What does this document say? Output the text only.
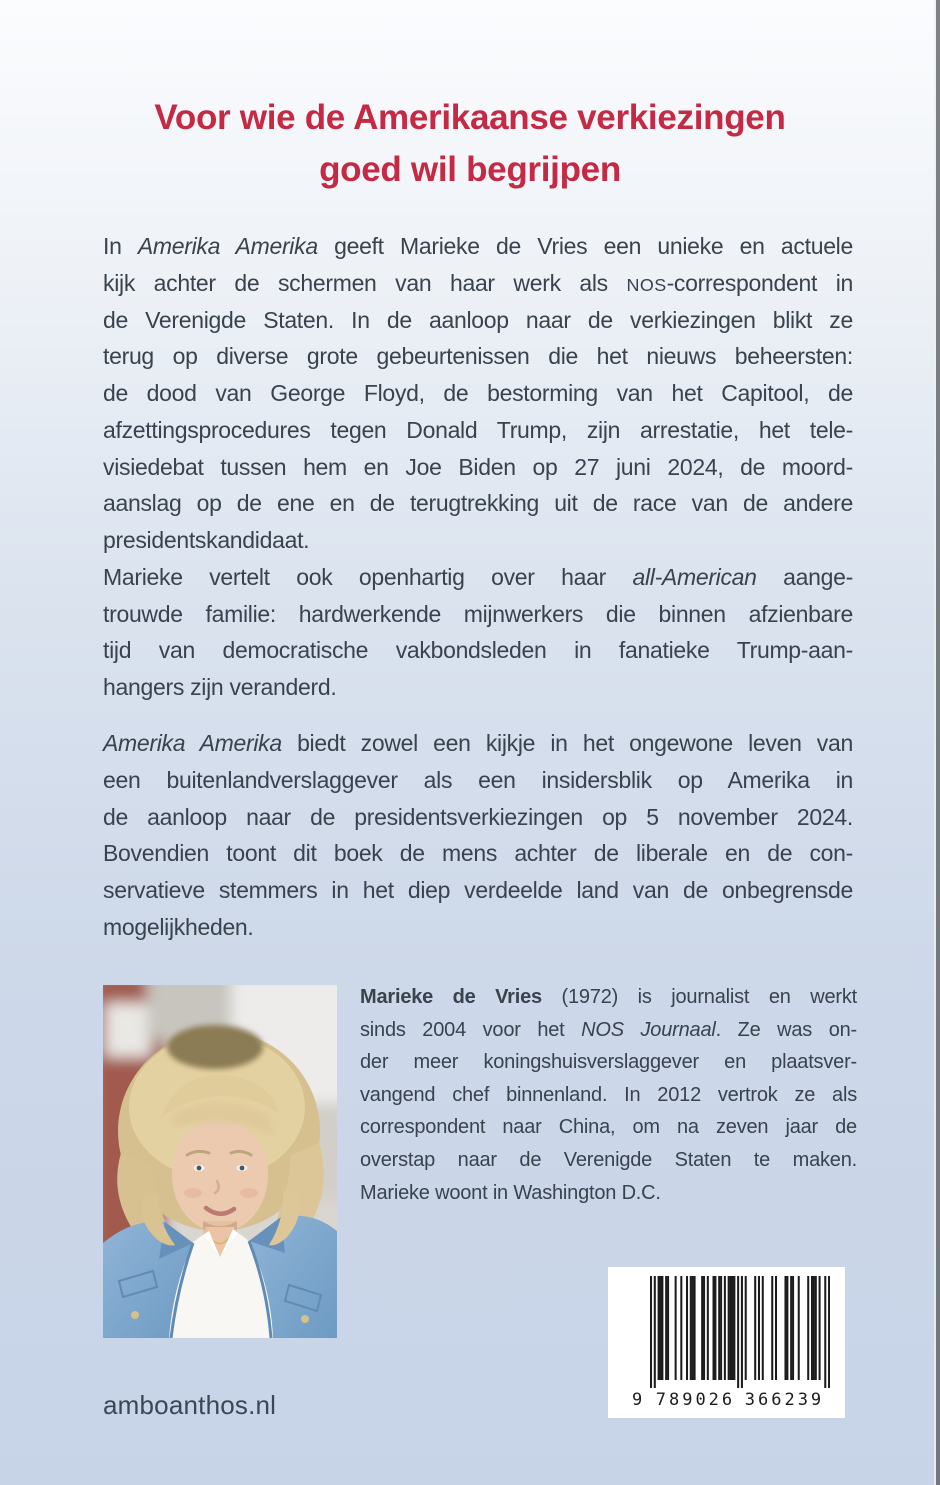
Voor wie de Amerikaanse verkiezingen
goed wil begrijpen
In Amerika Amerika geeft Marieke de Vries een unieke en actuele
kijk achter de schermen van haar werk als NOS-correspondent in
de Verenigde Staten. In de aanloop naar de verkiezingen blikt ze
terug op diverse grote gebeurtenissen die het nieuws beheersten:
de dood van George Floyd, de bestorming van het Capitool, de
afzettingsprocedures tegen Donald Trump, zijn arrestatie, het tele-
visiedebat tussen hem en Joe Biden op 27 juni 2024, de moord-
aanslag op de ene en de terugtrekking uit de race van de andere
presidentskandidaat.
Marieke vertelt ook openhartig over haar all-American aange-
trouwde familie: hardwerkende mijnwerkers die binnen afzienbare
tijd van democratische vakbondsleden in fanatieke Trump-aan-
hangers zijn veranderd.
Amerika Amerika biedt zowel een kijkje in het ongewone leven van
een buitenlandverslaggever als een insidersblik op Amerika in
de aanloop naar de presidentsverkiezingen op 5 november 2024.
Bovendien toont dit boek de mens achter de liberale en de con-
servatieve stemmers in het diep verdeelde land van de onbegrensde
mogelijkheden.
Marieke de Vries (1972) is journalist en werkt
sinds 2004 voor het NOS Journaal. Ze was on-
der meer koningshuisverslaggever en plaatsver-
vangend chef binnenland. In 2012 vertrok ze als
correspondent naar China, om na zeven jaar de
overstap naar de Verenigde Staten te maken.
Marieke woont in Washington D.C.
amboanthos.nl	9 789026 366239
